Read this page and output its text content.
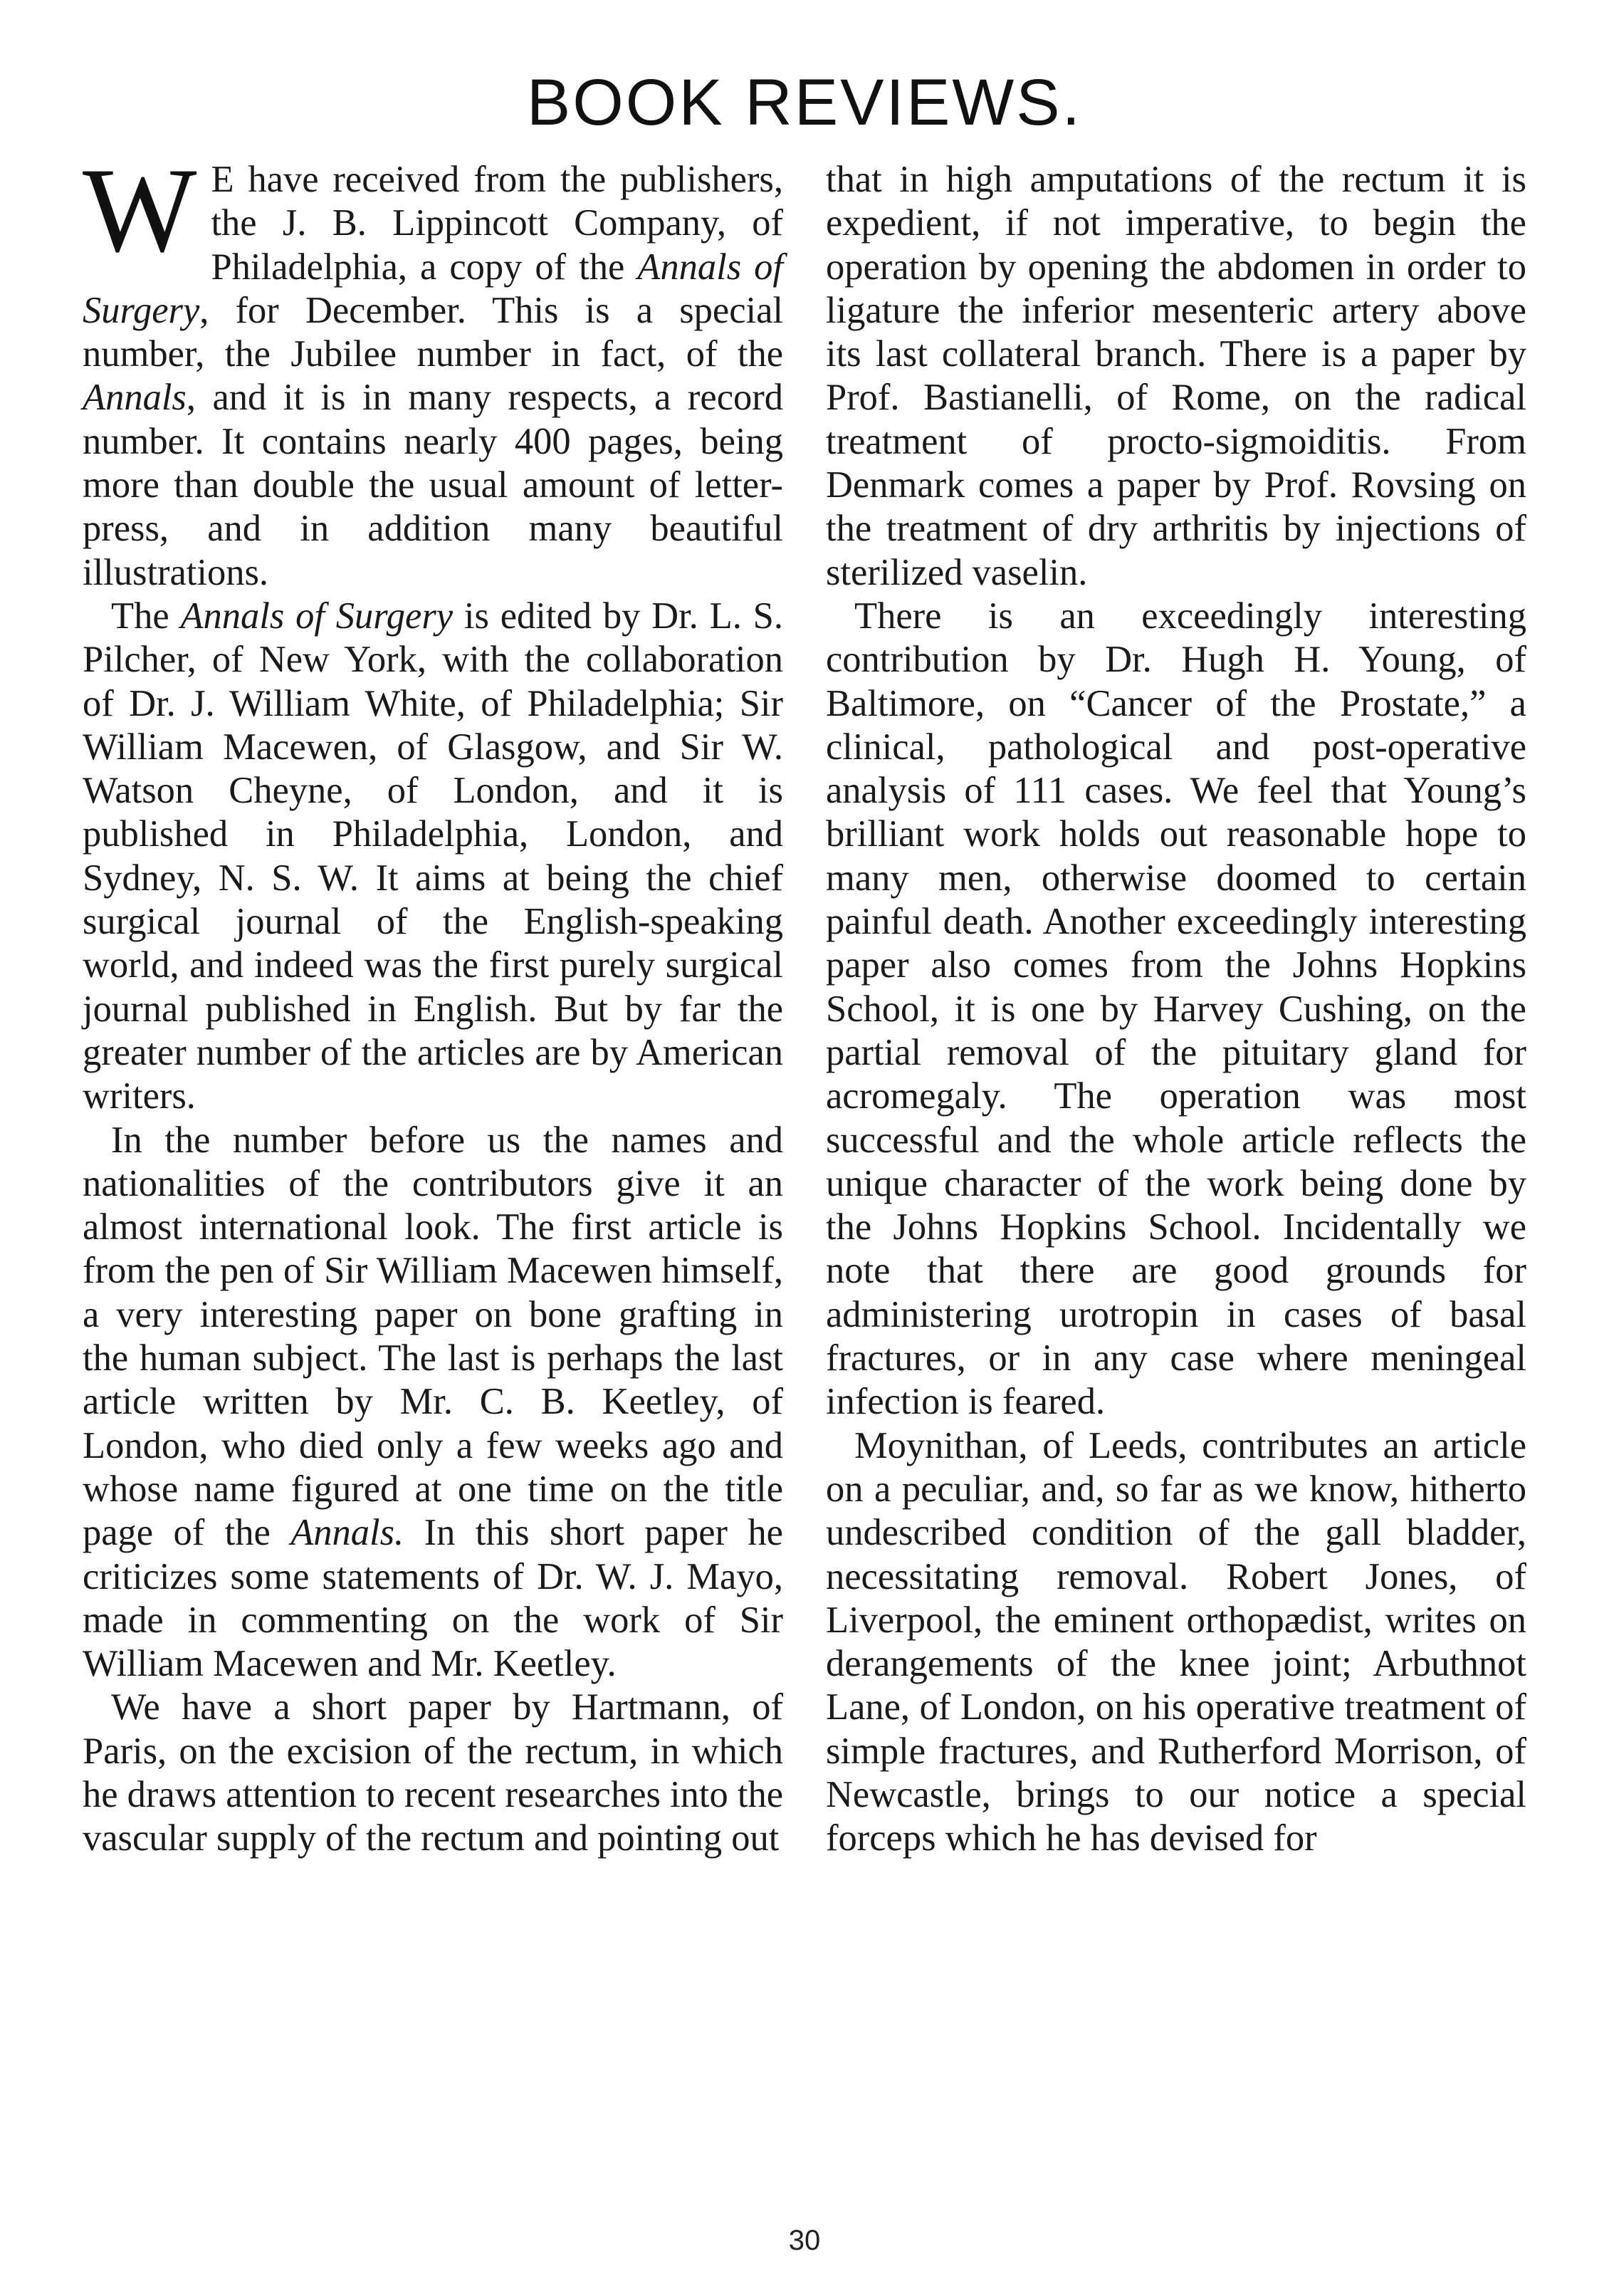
BOOK REVIEWS.

W E have received from the publishers, the J. B. Lippincott Company, of Philadelphia, a copy of the Annals of Surgery, for December. This is a special number, the Jubilee number in fact, of the Annals, and it is in many respects, a record number. It contains nearly 400 pages, being more than double the usual amount of letter-press, and in addition many beautiful illustrations.

The Annals of Surgery is edited by Dr. L. S. Pilcher, of New York, with the collaboration of Dr. J. William White, of Philadelphia; Sir William Macewen, of Glasgow, and Sir W. Watson Cheyne, of London, and it is published in Philadelphia, London, and Sydney, N. S. W. It aims at being the chief surgical journal of the English-speaking world, and indeed was the first purely surgical journal published in English. But by far the greater number of the articles are by American writers.

In the number before us the names and nationalities of the contributors give it an almost international look. The first article is from the pen of Sir William Macewen himself, a very interesting paper on bone grafting in the human subject. The last is perhaps the last article written by Mr. C. B. Keetley, of London, who died only a few weeks ago and whose name figured at one time on the title page of the Annals. In this short paper he criticizes some statements of Dr. W. J. Mayo, made in commenting on the work of Sir William Macewen and Mr. Keetley.

We have a short paper by Hartmann, of Paris, on the excision of the rectum, in which he draws attention to recent researches into the vascular supply of the rectum and pointing out

that in high amputations of the rectum it is expedient, if not imperative, to begin the operation by opening the abdomen in order to ligature the inferior mesenteric artery above its last collateral branch. There is a paper by Prof. Bastianelli, of Rome, on the radical treatment of procto-sigmoiditis. From Denmark comes a paper by Prof. Rovsing on the treatment of dry arthritis by injections of sterilized vaselin.

There is an exceedingly interesting contribution by Dr. Hugh H. Young, of Baltimore, on “Cancer of the Prostate,” a clinical, pathological and post-operative analysis of 111 cases. We feel that Young’s brilliant work holds out reasonable hope to many men, otherwise doomed to certain painful death. Another exceedingly interesting paper also comes from the Johns Hopkins School, it is one by Harvey Cushing, on the partial removal of the pituitary gland for acromegaly. The operation was most successful and the whole article reflects the unique character of the work being done by the Johns Hopkins School. Incidentally we note that there are good grounds for administering urotropin in cases of basal fractures, or in any case where meningeal infection is feared.

Moynithan, of Leeds, contributes an article on a peculiar, and, so far as we know, hitherto undescribed condition of the gall bladder, necessitating removal. Robert Jones, of Liverpool, the eminent orthopædist, writes on derangements of the knee joint; Arbuthnot Lane, of London, on his operative treatment of simple fractures, and Rutherford Morrison, of Newcastle, brings to our notice a special forceps which he has devised for

30
